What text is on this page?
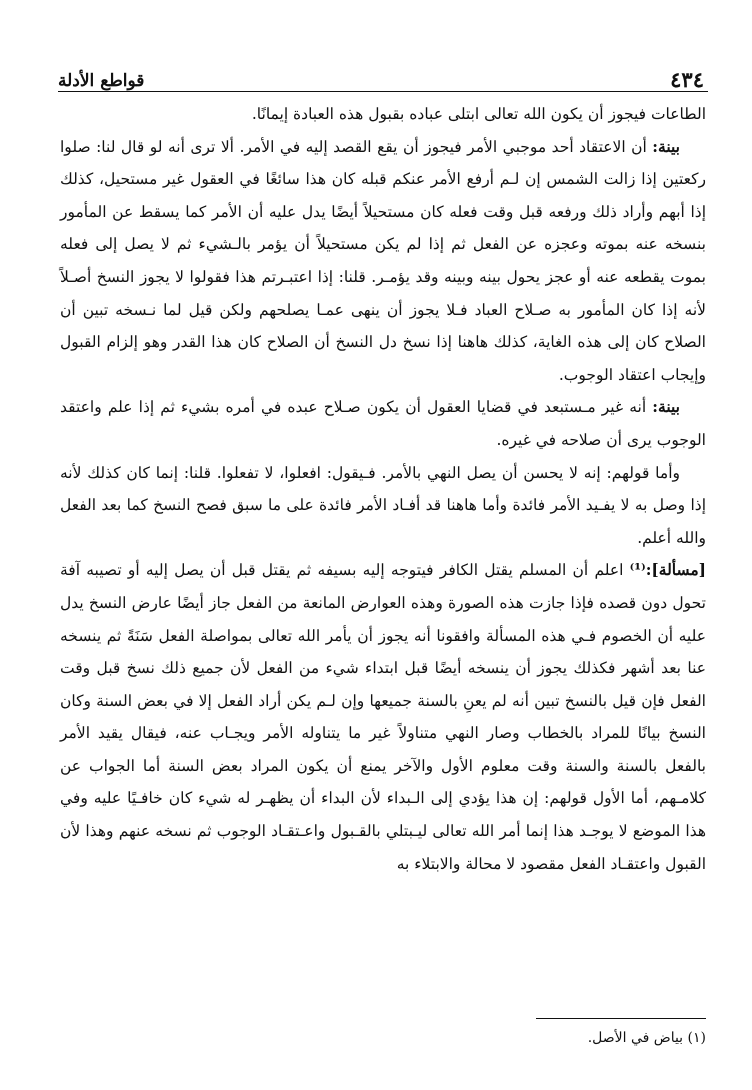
٤٣٤
قواطع الأدلة

الطاعات فيجوز أن يكون الله تعالى ابتلى عباده بقبول هذه العبادة إيمانًا.

بينة: أن الاعتقاد أحد موجبي الأمر فيجوز أن يقع القصد إليه في الأمر. ألا ترى أنه لو قال لنا: صلوا ركعتين إذا زالت الشمس إن لـم أرفع الأمر عنكم قبله كان هذا سائغًا في العقول غير مستحيل، كذلك إذا أبهم وأراد ذلك ورفعه قبل وقت فعله كان مستحيلاً أيضًا يدل عليه أن الأمر كما يسقط عن المأمور بنسخه عنه بموته وعجزه عن الفعل ثم إذا لم يكن مستحيلاً أن يؤمر بالـشيء ثم لا يصل إلى فعله بموت يقطعه عنه أو عجز يحول بينه وبينه وقد يؤمـر. قلنا: إذا اعتبـرتم هذا فقولوا لا يجوز النسخ أصـلاً لأنه إذا كان المأمور به صـلاح العباد فـلا يجوز أن ينهى عمـا يصلحهم ولكن قيل لما نـسخه تبين أن الصلاح كان إلى هذه الغاية، كذلك هاهنا إذا نسخ دل النسخ أن الصلاح كان هذا القدر وهو إلزام القبول وإيجاب اعتقاد الوجوب.

بينة: أنه غير مـستبعد في قضايا العقول أن يكون صـلاح عبده في أمره بشيء ثم إذا علم واعتقد الوجوب يرى أن صلاحه في غيره.

وأما قولهم: إنه لا يحسن أن يصل النهي بالأمر. فـيقول: افعلوا، لا تفعلوا. قلنا: إنما كان كذلك لأنه إذا وصل به لا يفـيد الأمر فائدة وأما هاهنا قد أفـاد الأمر فائدة على ما سبق فصح النسخ كما بعد الفعل والله أعلم.

[مسألة]:⁽¹⁾ اعلم أن المسلم يقتل الكافر فيتوجه إليه بسيفه ثم يقتل قبل أن يصل إليه أو تصيبه آفة تحول دون قصده فإذا جازت هذه الصورة وهذه العوارض المانعة من الفعل جاز أيضًا عارض النسخ يدل عليه أن الخصوم فـي هذه المسألة وافقونا أنه يجوز أن يأمر الله تعالى بمواصلة الفعل سَنَةً ثم ينسخه عنا بعد أشهر فكذلك يجوز أن ينسخه أيضًا قبل ابتداء شيء من الفعل لأن جميع ذلك نسخ قبل وقت الفعل فإن قيل بالنسخ تبين أنه لم يعنِ بالسنة جميعها وإن لـم يكن أراد الفعل إلا في بعض السنة وكان النسخ بيانًا للمراد بالخطاب وصار النهي متناولاً غير ما يتناوله الأمر ويجـاب عنه، فيقال يقيد الأمر بالفعل بالسنة والسنة وقت معلوم الأول والآخر يمنع أن يكون المراد بعض السنة أما الجواب عن كلامـهم، أما الأول قولهم: إن هذا يؤدي إلى الـبداء لأن البداء أن يظهـر له شيء كان خافـيًا عليه وفي هذا الموضع لا يوجـد هذا إنما أمر الله تعالى ليـبتلي بالقـبول واعـتقـاد الوجوب ثم نسخه عنهم وهذا لأن القبول واعتقـاد الفعل مقصود لا محالة والابتلاء به

(١) بياض في الأصل.
